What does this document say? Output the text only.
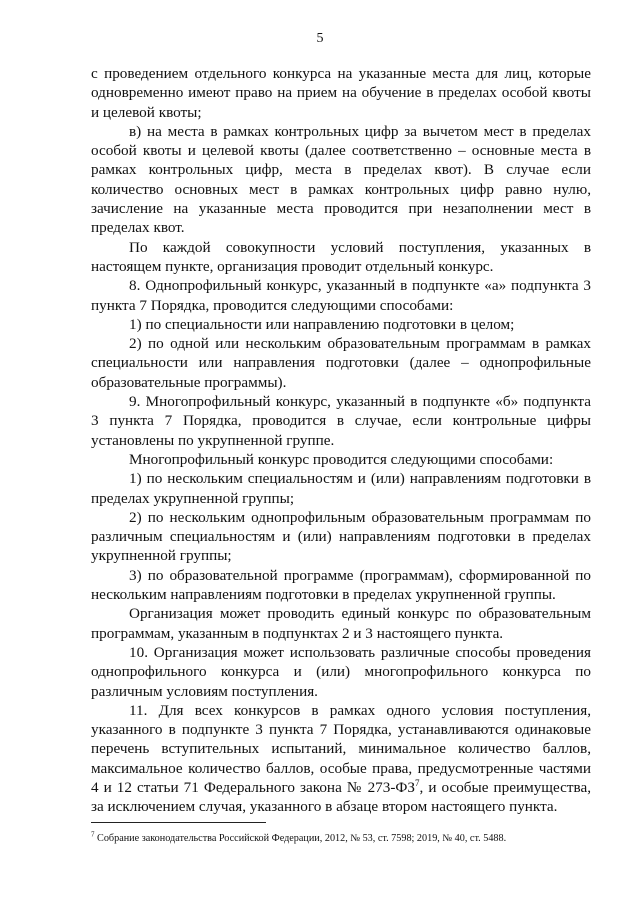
5

с проведением отдельного конкурса на указанные места для лиц, которые одновременно имеют право на прием на обучение в пределах особой квоты и целевой квоты;

в) на места в рамках контрольных цифр за вычетом мест в пределах особой квоты и целевой квоты (далее соответственно – основные места в рамках контрольных цифр, места в пределах квот). В случае если количество основных мест в рамках контрольных цифр равно нулю, зачисление на указанные места проводится при незаполнении мест в пределах квот.

По каждой совокупности условий поступления, указанных в настоящем пункте, организация проводит отдельный конкурс.

8. Однопрофильный конкурс, указанный в подпункте «а» подпункта 3 пункта 7 Порядка, проводится следующими способами:

1) по специальности или направлению подготовки в целом;

2) по одной или нескольким образовательным программам в рамках специальности или направления подготовки (далее – однопрофильные образовательные программы).

9. Многопрофильный конкурс, указанный в подпункте «б» подпункта 3 пункта 7 Порядка, проводится в случае, если контрольные цифры установлены по укрупненной группе.

Многопрофильный конкурс проводится следующими способами:

1) по нескольким специальностям и (или) направлениям подготовки в пределах укрупненной группы;

2) по нескольким однопрофильным образовательным программам по различным специальностям и (или) направлениям подготовки в пределах укрупненной группы;

3) по образовательной программе (программам), сформированной по нескольким направлениям подготовки в пределах укрупненной группы.

Организация может проводить единый конкурс по образовательным программам, указанным в подпунктах 2 и 3 настоящего пункта.

10. Организация может использовать различные способы проведения однопрофильного конкурса и (или) многопрофильного конкурса по различным условиям поступления.

11. Для всех конкурсов в рамках одного условия поступления, указанного в подпункте 3 пункта 7 Порядка, устанавливаются одинаковые перечень вступительных испытаний, минимальное количество баллов, максимальное количество баллов, особые права, предусмотренные частями 4 и 12 статьи 71 Федерального закона № $273-ФЗ^7$, и особые преимущества, за исключением случая, указанного в абзаце втором настоящего пункта.

$^7$ Собрание законодательства Российской Федерации, 2012, № 53, ст. 7598; 2019, № 40, ст. 5488.
